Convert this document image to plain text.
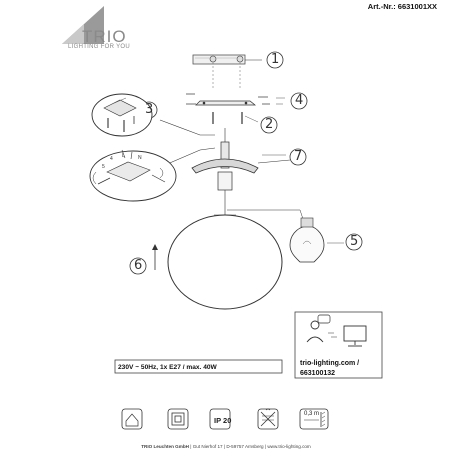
L	N
4
5
TRIO
LIGHTING FOR YOU
Art.-Nr.: 6631001XX
1
2
3
4
5
6
7
230V ~ 50Hz, 1x E27 / max. 40W
trio-lighting.com /
663100132
IP 20
0,3 m
TRIO Leuchten GmbH | Gut Nierhof 17 | D-59757 Arnsberg | www.trio-lighting.com
